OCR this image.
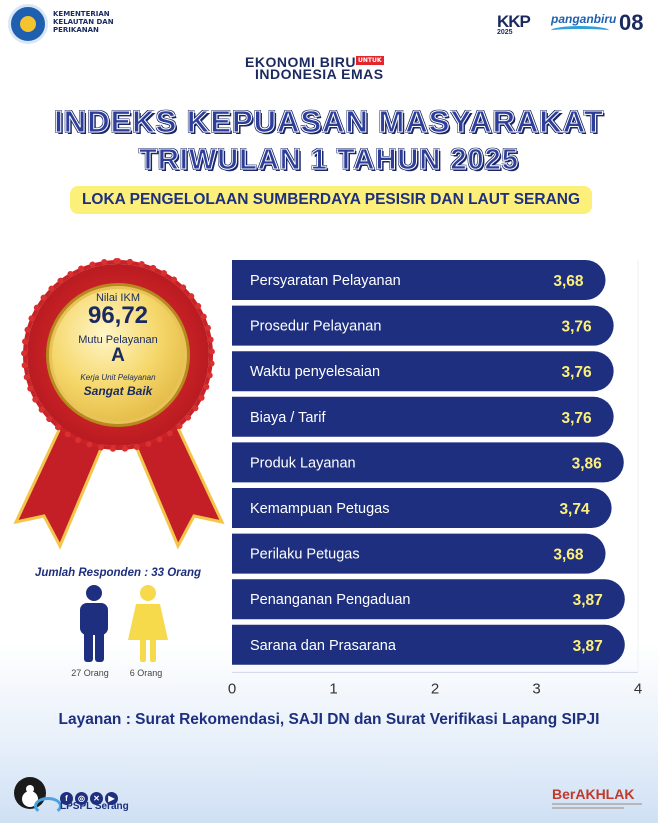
KEMENTERIAN KELAUTAN DAN PERIKANAN	KKP
2025
panganbiru 08
EKONOMI BIRU UNTUK
INDONESIA EMAS
INDEKS KEPUASAN MASYARAKAT
TRIWULAN 1 TAHUN 2025
LOKA PENGELOLAAN SUMBERDAYA PESISIR DAN LAUT SERANG
Nilai IKM
96,72
Mutu Pelayanan
A
Kerja Unit Pelayanan
Sangat Baik
Jumlah Responden : 33 Orang
27 Orang	6 Orang
Persyaratan Pelayanan	3,68
Prosedur Pelayanan	3,76
Waktu penyelesaian	3,76
Biaya / Tarif	3,76
Produk Layanan	3,86
Kemampuan Petugas	3,74
Perilaku Petugas	3,68
Penanganan Pengaduan	3,87
Sarana dan Prasarana	3,87
0	1	2	3	4
Layanan : Surat Rekomendasi, SAJI DN dan Surat Verifikasi Lapang SIPJI
f ◎ ✕ ▶
LPSPL Serang
BerAKHLAK
